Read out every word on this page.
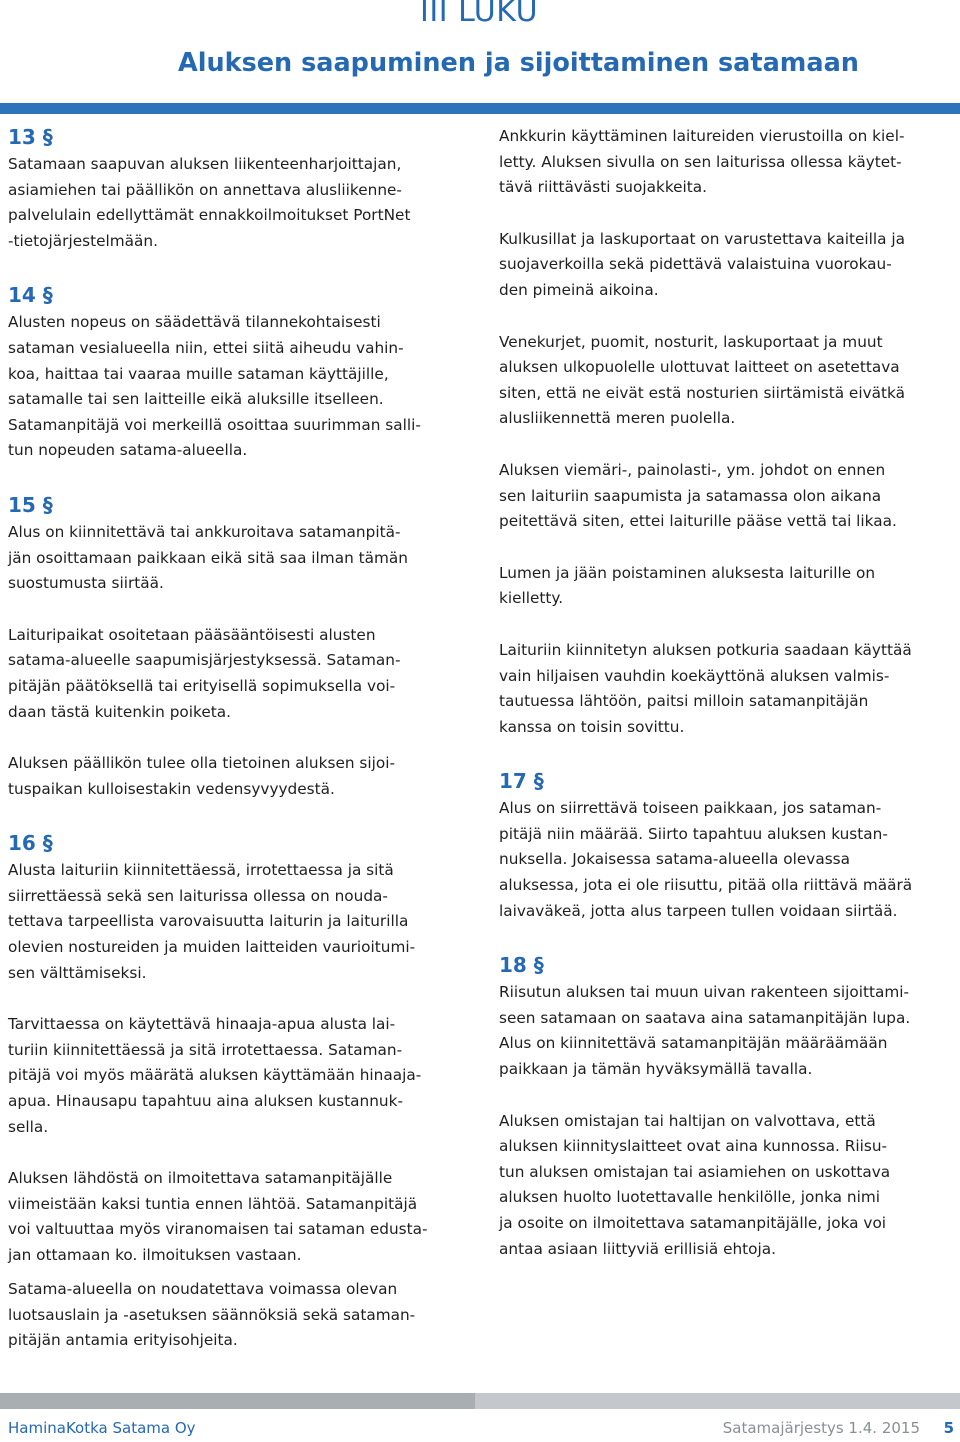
III LUKU
Aluksen saapuminen ja sijoittaminen satamaan
13 §

Satamaan saapuvan aluksen liikenteenharjoittajan,
asiamiehen tai päällikön on annettava alusliikenne-
palvelulain edellyttämät ennakkoilmoitukset PortNet
-tietojärjestelmään.

14 §

Alusten nopeus on säädettävä tilannekohtaisesti
sataman vesialueella niin, ettei siitä aiheudu vahin-
koa, haittaa tai vaaraa muille sataman käyttäjille,
satamalle tai sen laitteille eikä aluksille itselleen.
Satamanpitäjä voi merkeillä osoittaa suurimman salli-
tun nopeuden satama-alueella.

15 §

Alus on kiinnitettävä tai ankkuroitava satamanpitä-
jän osoittamaan paikkaan eikä sitä saa ilman tämän
suostumusta siirtää.

Laituripaikat osoitetaan pääsääntöisesti alusten
satama-alueelle saapumisjärjestyksessä. Sataman-
pitäjän päätöksellä tai erityisellä sopimuksella voi-
daan tästä kuitenkin poiketa.

Aluksen päällikön tulee olla tietoinen aluksen sijoi-
tuspaikan kulloisestakin vedensyvyydestä.

16 §

Alusta laituriin kiinnitettäessä, irrotettaessa ja sitä
siirrettäessä sekä sen laiturissa ollessa on nouda-
tettava tarpeellista varovaisuutta laiturin ja laiturilla
olevien nostureiden ja muiden laitteiden vaurioitumi-
sen välttämiseksi.

Tarvittaessa on käytettävä hinaaja-apua alusta lai-
turiin kiinnitettäessä ja sitä irrotettaessa. Sataman-
pitäjä voi myös määrätä aluksen käyttämään hinaaja-
apua. Hinausapu tapahtuu aina aluksen kustannuk-
sella.

Aluksen lähdöstä on ilmoitettava satamanpitäjälle
viimeistään kaksi tuntia ennen lähtöä. Satamanpitäjä
voi valtuuttaa myös viranomaisen tai sataman edusta-
jan ottamaan ko. ilmoituksen vastaan.

Satama-alueella on noudatettava voimassa olevan
luotsauslain ja -asetuksen säännöksiä sekä sataman-
pitäjän antamia erityisohjeita.

Ankkurin käyttäminen laitureiden vierustoilla on kiel-
letty. Aluksen sivulla on sen laiturissa ollessa käytet-
tävä riittävästi suojakkeita.

Kulkusillat ja laskuportaat on varustettava kaiteilla ja
suojaverkoilla sekä pidettävä valaistuina vuorokau-
den pimeinä aikoina.

Venekurjet, puomit, nosturit, laskuportaat ja muut
aluksen ulkopuolelle ulottuvat laitteet on asetettava
siten, että ne eivät estä nosturien siirtämistä eivätkä
alusliikennettä meren puolella.

Aluksen viemäri-, painolasti-, ym. johdot on ennen
sen laituriin saapumista ja satamassa olon aikana
peitettävä siten, ettei laiturille pääse vettä tai likaa.

Lumen ja jään poistaminen aluksesta laiturille on
kielletty.

Laituriin kiinnitetyn aluksen potkuria saadaan käyttää
vain hiljaisen vauhdin koekäyttönä aluksen valmis-
tautuessa lähtöön, paitsi milloin satamanpitäjän
kanssa on toisin sovittu.

17 §

Alus on siirrettävä toiseen paikkaan, jos sataman-
pitäjä niin määrää. Siirto tapahtuu aluksen kustan-
nuksella. Jokaisessa satama-alueella olevassa
aluksessa, jota ei ole riisuttu, pitää olla riittävä määrä
laivaväkeä, jotta alus tarpeen tullen voidaan siirtää.

18 §

Riisutun aluksen tai muun uivan rakenteen sijoittami-
seen satamaan on saatava aina satamanpitäjän lupa.
Alus on kiinnitettävä satamanpitäjän määräämään
paikkaan ja tämän hyväksymällä tavalla.

Aluksen omistajan tai haltijan on valvottava, että
aluksen kiinnityslaitteet ovat aina kunnossa. Riisu-
tun aluksen omistajan tai asiamiehen on uskottava
aluksen huolto luotettavalle henkilölle, jonka nimi
ja osoite on ilmoitettava satamanpitäjälle, joka voi
antaa asiaan liittyviä erillisiä ehtoja.

HaminaKotka Satama Oy	Satamajärjestys 1.4. 2015 5
